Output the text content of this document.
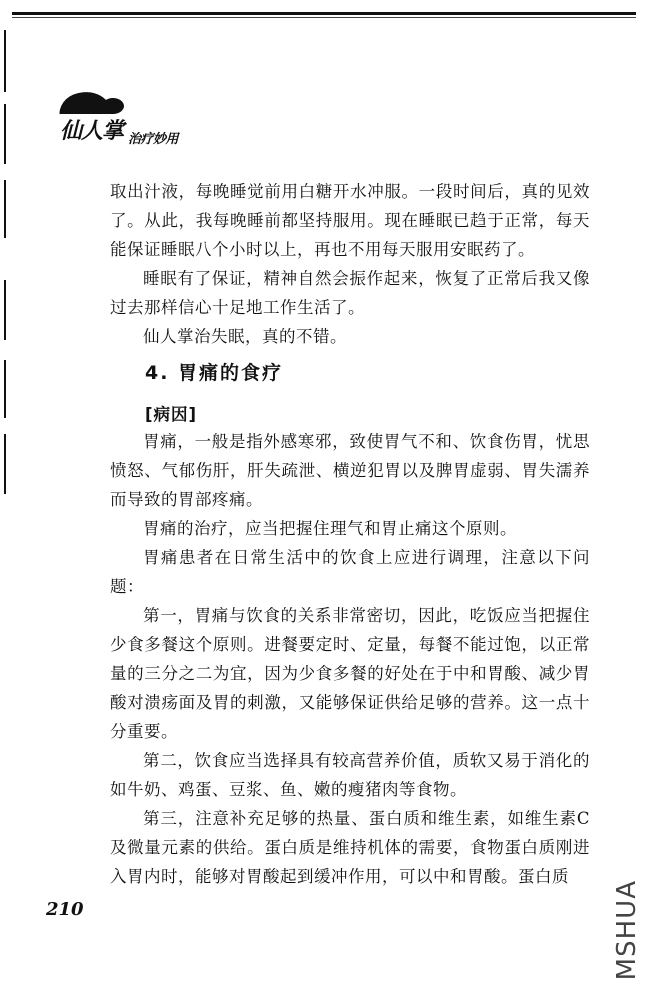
仙人掌 治疗妙用

取出汁液，每晚睡觉前用白糖开水冲服。一段时间后，真的见效了。从此，我每晚睡前都坚持服用。现在睡眠已趋于正常，每天能保证睡眠八个小时以上，再也不用每天服用安眠药了。

睡眠有了保证，精神自然会振作起来，恢复了正常后我又像过去那样信心十足地工作生活了。

仙人掌治失眠，真的不错。

4. 胃痛的食疗
[病因]

胃痛，一般是指外感寒邪，致使胃气不和、饮食伤胃，忧思愤怒、气郁伤肝，肝失疏泄、横逆犯胃以及脾胃虚弱、胃失濡养而导致的胃部疼痛。

胃痛的治疗，应当把握住理气和胃止痛这个原则。

胃痛患者在日常生活中的饮食上应进行调理，注意以下问题：

第一，胃痛与饮食的关系非常密切，因此，吃饭应当把握住少食多餐这个原则。进餐要定时、定量，每餐不能过饱，以正常量的三分之二为宜，因为少食多餐的好处在于中和胃酸、减少胃酸对溃疡面及胃的刺激，又能够保证供给足够的营养。这一点十分重要。

第二，饮食应当选择具有较高营养价值，质软又易于消化的如牛奶、鸡蛋、豆浆、鱼、嫩的瘦猪肉等食物。

第三，注意补充足够的热量、蛋白质和维生素，如维生素C及微量元素的供给。蛋白质是维持机体的需要，食物蛋白质刚进入胃内时，能够对胃酸起到缓冲作用，可以中和胃酸。蛋白质

210	MSHUA
